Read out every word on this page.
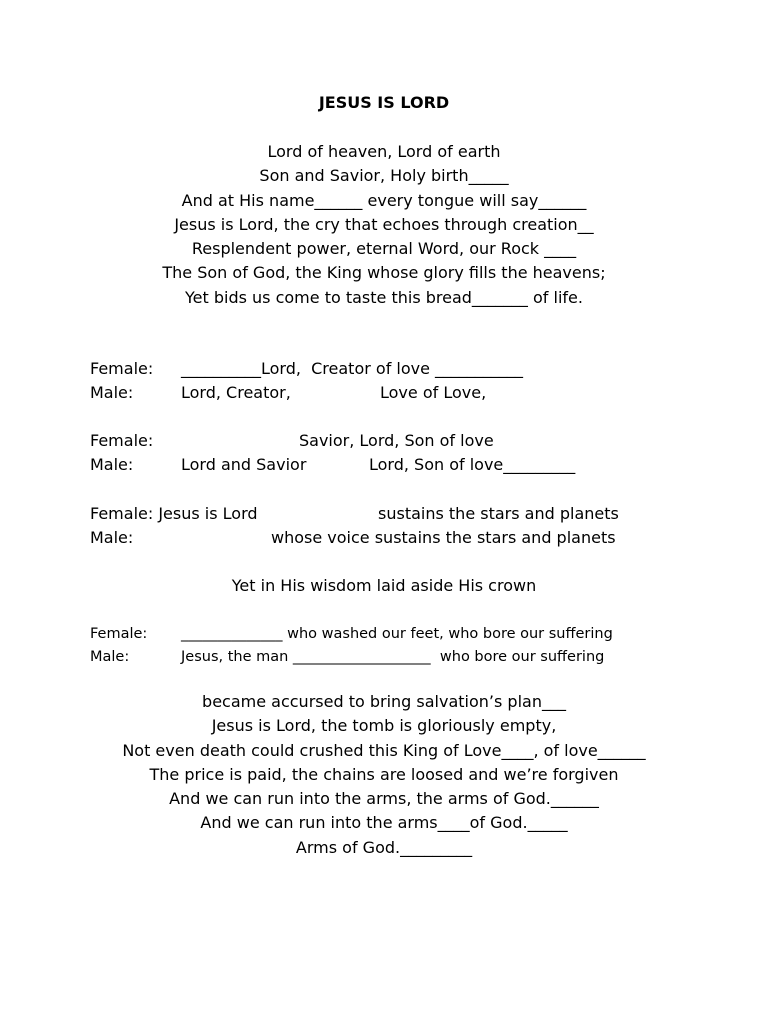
JESUS IS LORD
Lord of heaven, Lord of earth
Son and Savior, Holy birth_____
And at His name______ every tongue will say______
Jesus is Lord, the cry that echoes through creation__
Resplendent power, eternal Word, our Rock ____
The Son of God, the King whose glory fills the heavens;
Yet bids us come to taste this bread_______ of life.
Female: __________Lord,  Creator of love ___________
Male:	Lord, Creator,	Love of Love,
Female:	Savior, Lord, Son of love
Male:	Lord and Savior	Lord, Son of love_________
Female: Jesus is Lord	sustains the stars and planets
Male:	whose voice sustains the stars and planets
Yet in His wisdom laid aside His crown
Female: ______________ who washed our feet, who bore our suffering
Male:	Jesus, the man ___________________  who bore our suffering
became accursed to bring salvation’s plan___
Jesus is Lord, the tomb is gloriously empty,
Not even death could crushed this King of Love____, of love______
The price is paid, the chains are loosed and we’re forgiven
And we can run into the arms, the arms of God.______
And we can run into the arms____of God._____
Arms of God._________
